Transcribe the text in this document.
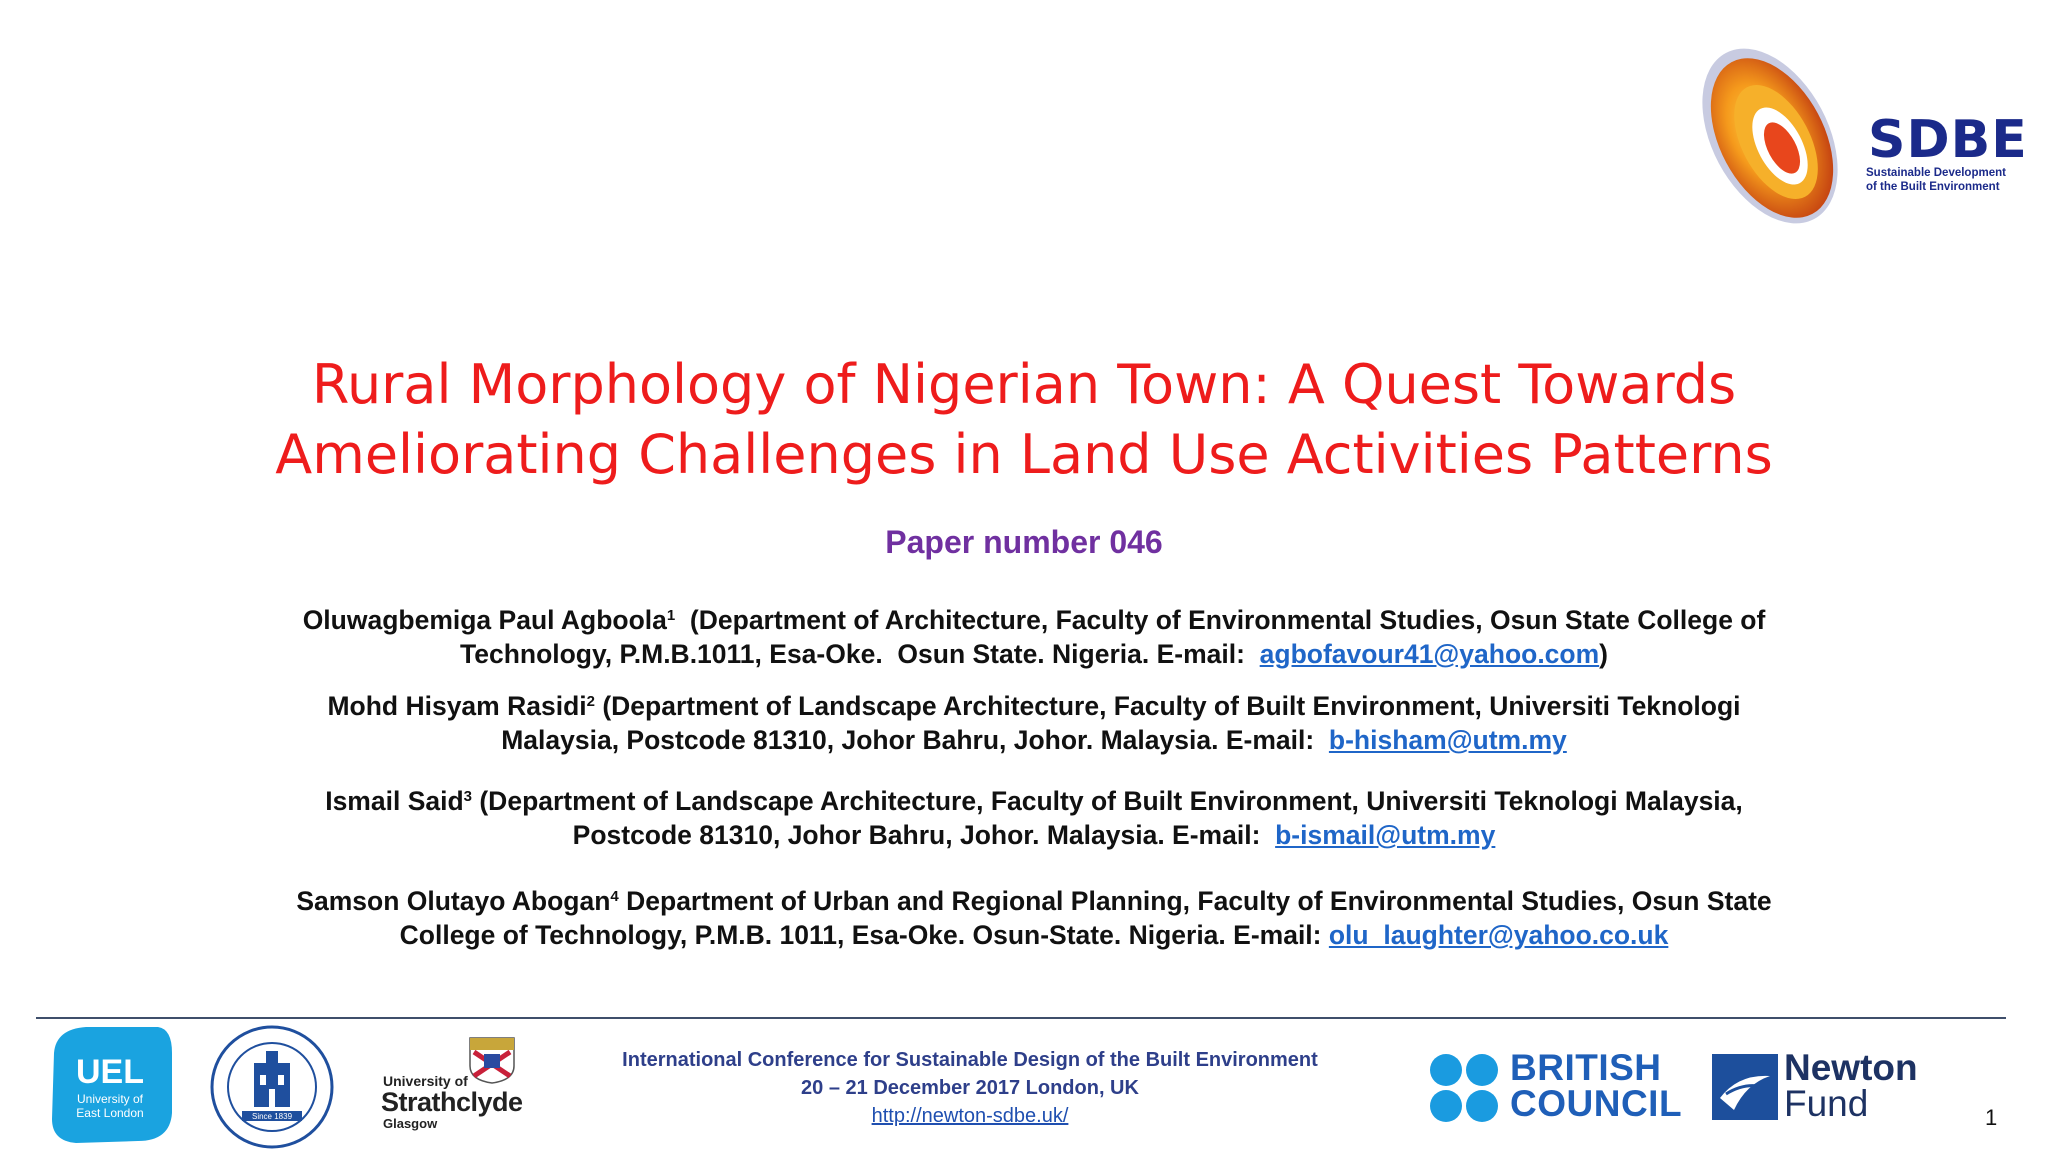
SDBE
Sustainable Development
of the Built Environment
Rural Morphology of Nigerian Town: A Quest Towards
Ameliorating Challenges in Land Use Activities Patterns
Paper number 046
Oluwagbemiga Paul Agboola$^1$  (Department of Architecture, Faculty of Environmental Studies, Osun State College of
Technology, P.M.B.1011, Esa-Oke.  Osun State. Nigeria. E-mail:  agbofavour41@yahoo.com)
Mohd Hisyam Rasidi$^2$ (Department of Landscape Architecture, Faculty of Built Environment, Universiti Teknologi
Malaysia, Postcode 81310, Johor Bahru, Johor. Malaysia. E-mail:  b-hisham@utm.my
Ismail Said$^3$ (Department of Landscape Architecture, Faculty of Built Environment, Universiti Teknologi Malaysia,
Postcode 81310, Johor Bahru, Johor. Malaysia. E-mail:  b-ismail@utm.my
Samson Olutayo Abogan$^4$ Department of Urban and Regional Planning, Faculty of Environmental Studies, Osun State
College of Technology, P.M.B. 1011, Esa-Oke. Osun-State. Nigeria. E-mail: olu_laughter@yahoo.co.uk
UEL
University of
East London	Since 1839
University of
Strathclyde
Glasgow
International Conference for Sustainable Design of the Built Environment
20 – 21 December 2017 London, UK
http://newton-sdbe.uk/
BRITISH
COUNCIL
Newton
Fund	1
